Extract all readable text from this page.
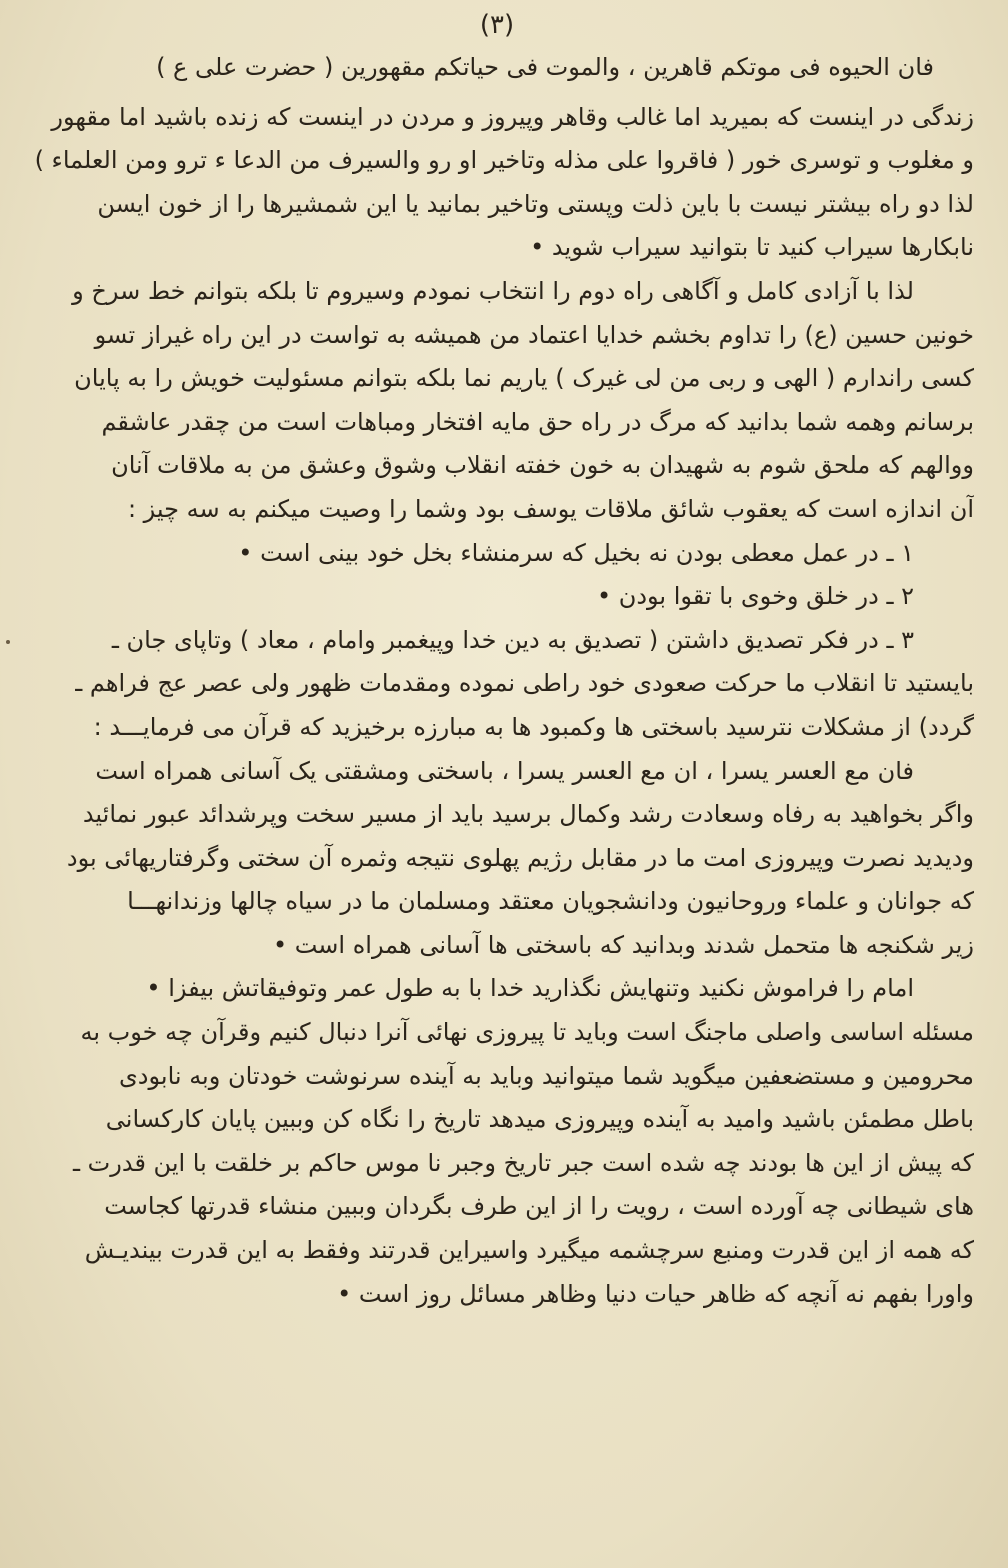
(۳)
فان الحیوه فی موتکم قاهرین ، والموت فی حیاتکم مقهورین ( حضرت علی ع )
زندگی در اینست که بمیرید اما غالب وقاهر وپیروز و مردن در اینست که زنده باشید اما مقهور
و مغلوب و توسری خور ( فاقروا علی مذله وتاخیر او رو والسیرف من الدعا ء ترو ومن العلماء )
لذا دو راه بیشتر نیست با باین ذلت وپستی وتاخیر بمانید یا این شمشیرها را از خون ایسن
نابکارها سیراب کنید تا بتوانید سیراب شوید •
لذا با آزادی کامل و آگاهی راه دوم را انتخاب نمودم وسیروم تا بلکه بتوانم خط سرخ و
خونین حسین (ع) را تداوم بخشم خدایا اعتماد من همیشه به تواست در این راه غیراز تسو
کسی راندارم ( الهی و ربی من لی غیرک ) یاریم نما بلکه بتوانم مسئولیت خویش را به پایان
برسانم وهمه شما بدانید که مرگ در راه حق مایه افتخار ومباهات است من چقدر عاشقم
ووالهم که ملحق شوم به شهیدان به خون خفته انقلاب وشوق وعشق من به ملاقات آنان
آن اندازه است که یعقوب شائق ملاقات یوسف بود وشما را وصیت میکنم به سه چیز :
۱ ـ در عمل معطی بودن نه بخیل که سرمنشاء بخل خود بینی است •
۲ ـ در خلق وخوی با تقوا بودن •
۳ ـ در فکر تصدیق داشتن ( تصدیق به دین خدا وپیغمبر وامام ، معاد ) وتاپای جان ـ
بایستید تا انقلاب ما حرکت صعودی خود راطی نموده ومقدمات ظهور ولی عصر عج فراهم ـ
گردد) از مشکلات نترسید باسختی ها وکمبود ها به مبارزه برخیزید که قرآن می فرمایـــد :
فان مع العسر یسرا ، ان مع العسر یسرا ، باسختی ومشقتی یک آسانی همراه است
واگر بخواهید به رفاه وسعادت رشد وکمال برسید باید از مسیر سخت وپرشدائد عبور نمائید
ودیدید نصرت وپیروزی امت ما در مقابل رژیم پهلوی نتیجه وثمره آن سختی وگرفتاریهائی بود
که جوانان و علماء وروحانیون ودانشجویان معتقد ومسلمان ما در سیاه چالها وزندانهـــا
زیر شکنجه ها متحمل شدند وبدانید که باسختی ها آسانی همراه است •
امام را فراموش نکنید وتنهایش نگذارید خدا با به طول عمر وتوفیقاتش بیفزا •
مسئله اساسی واصلی ماجنگ است وباید تا پیروزی نهائی آنرا دنبال کنیم وقرآن چه خوب به
محرومین و مستضعفین میگوید شما میتوانید وباید به آینده سرنوشت خودتان وبه نابودی
باطل مطمئن باشید وامید به آینده وپیروزی میدهد تاریخ را نگاه کن وببین پایان کارکسانی
که پیش از این ها بودند چه شده است جبر تاریخ وجبر نا موس حاکم بر خلقت با این قدرت ـ
های شیطانی چه آورده است ، رویت را از این طرف بگردان وببین منشاء قدرتها کجاست
که همه از این قدرت ومنبع سرچشمه میگیرد واسیراین قدرتند وفقط به این قدرت بیندیـش
واورا بفهم نه آنچه که ظاهر حیات دنیا وظاهر مسائل روز است •
